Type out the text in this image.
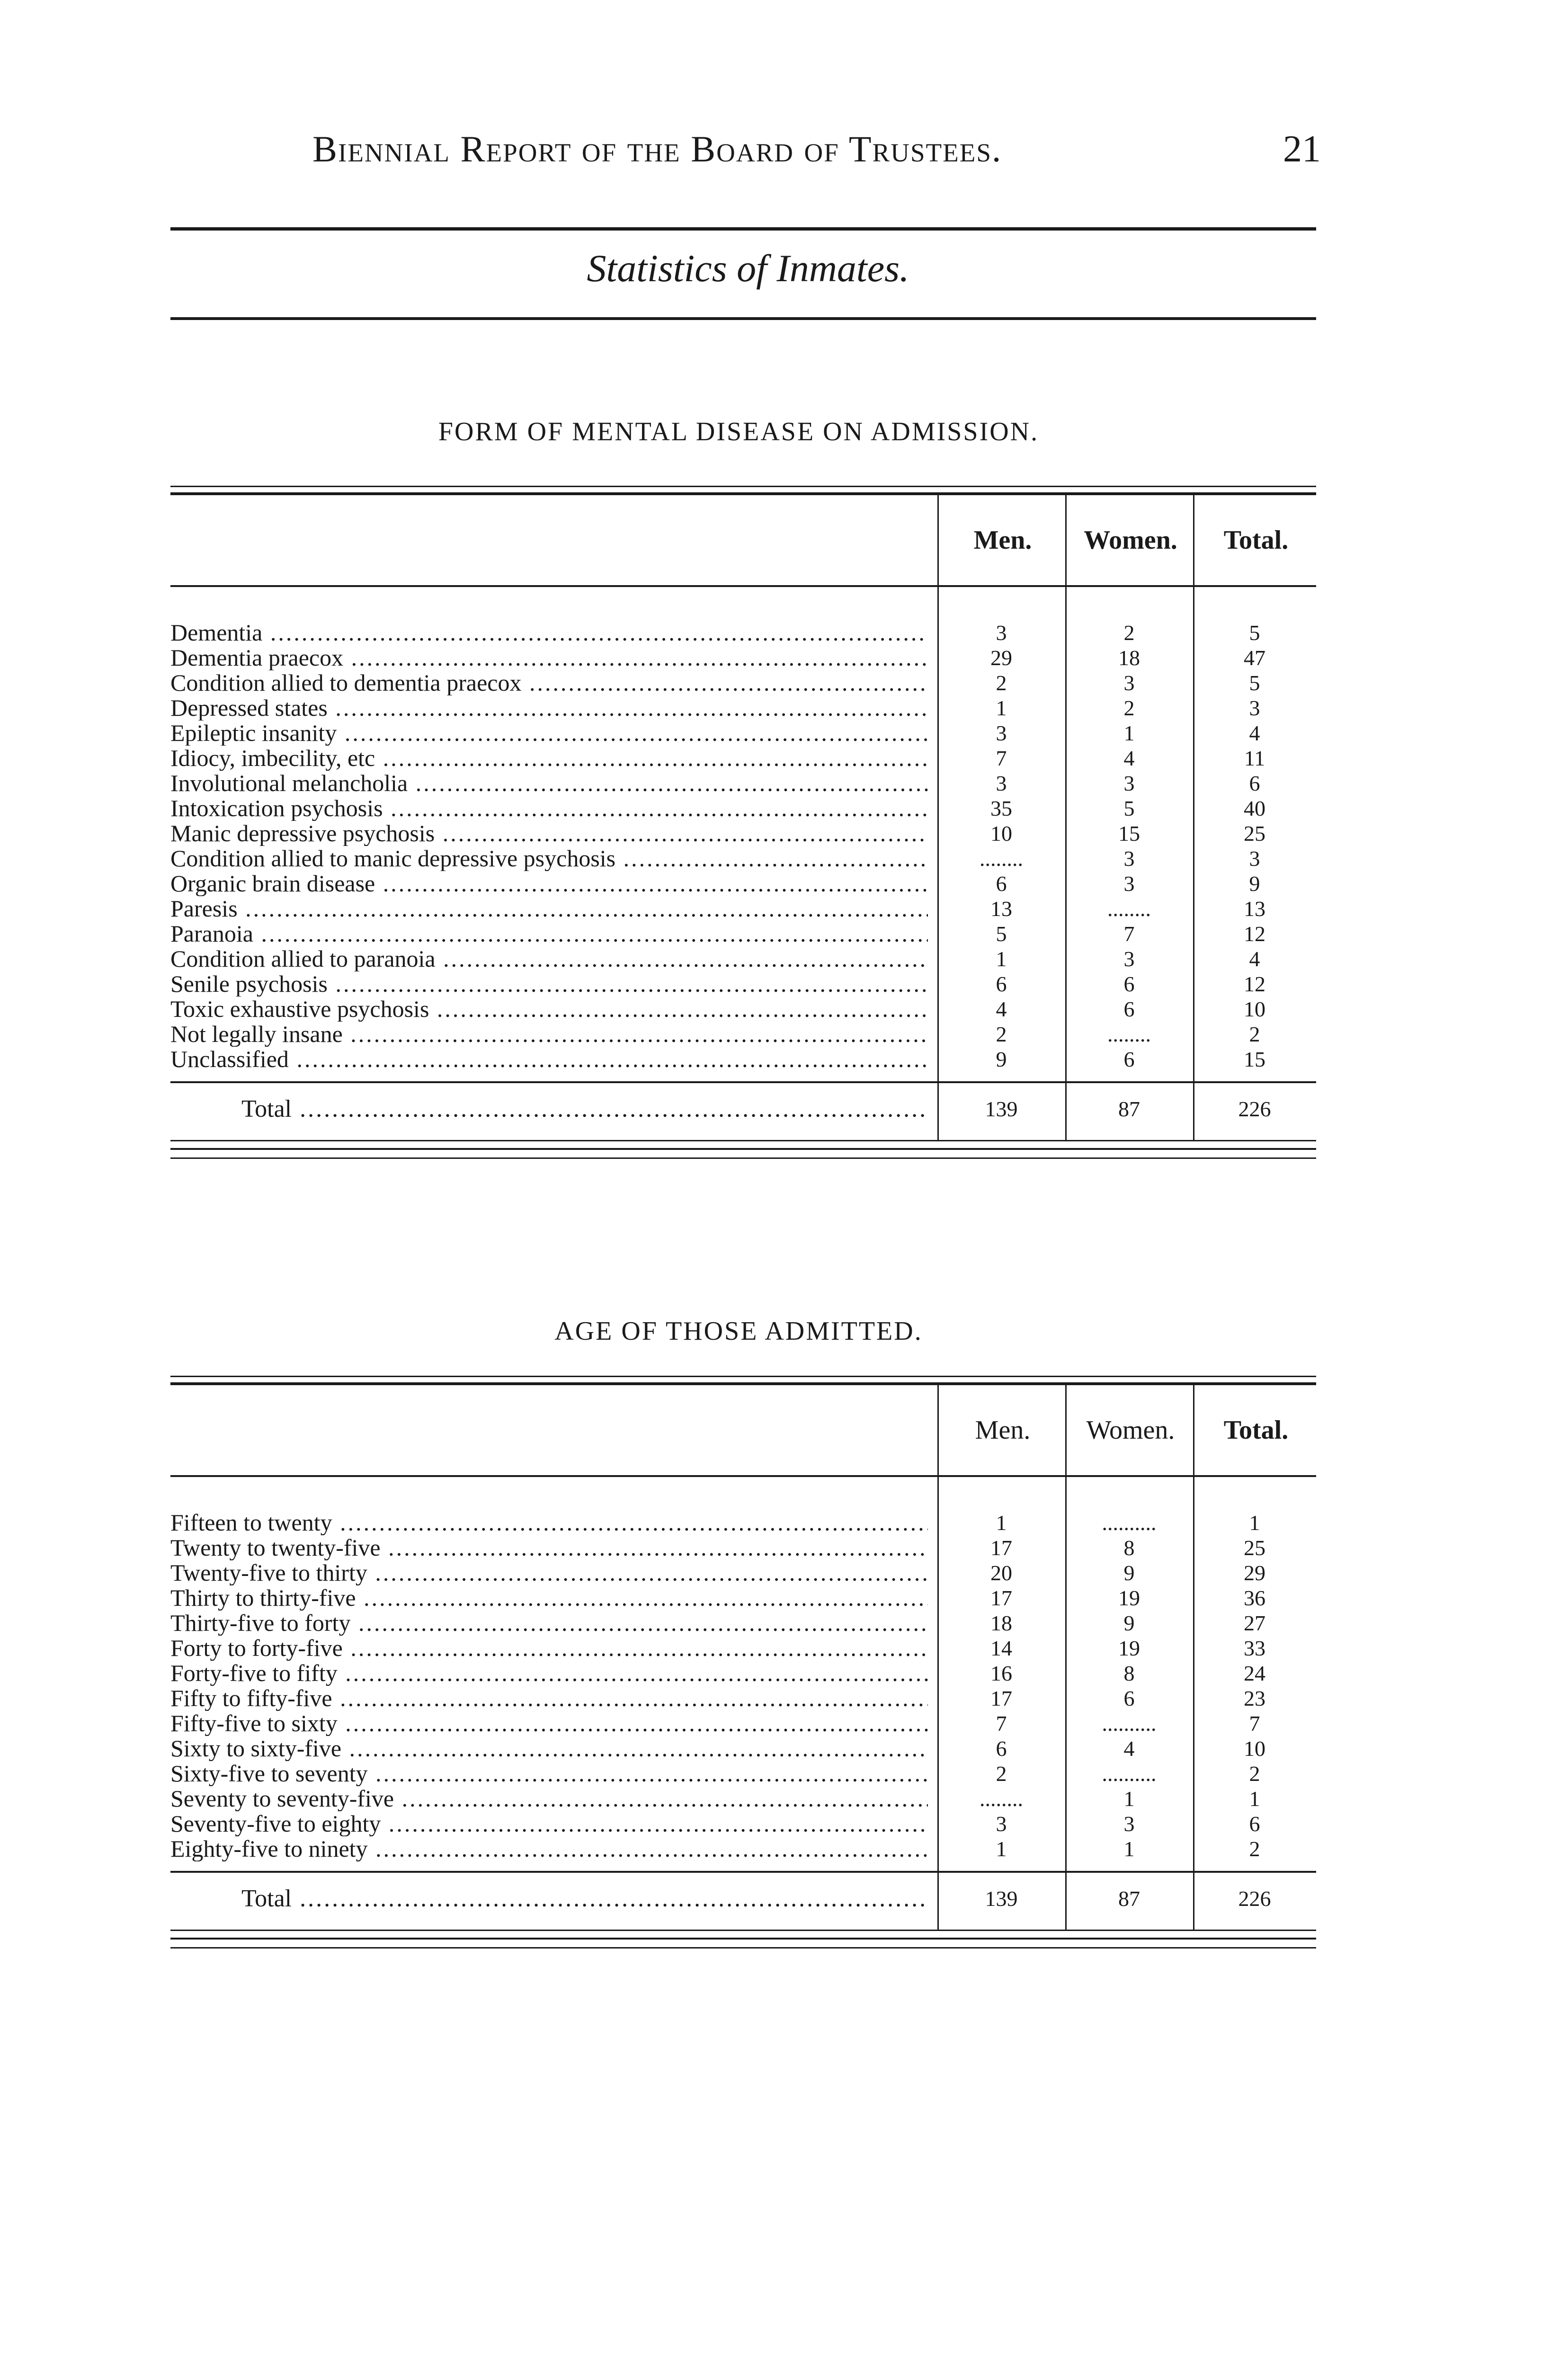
Biennial Report of the Board of Trustees.	21
Statistics of Inmates.
FORM OF MENTAL DISEASE ON ADMISSION.
Men.	Women.	Total.
Dementia .....	3	2	5
Dementia praecox .....	29	18	47
Condition allied to dementia praecox .....	2	3	5
Depressed states .....	1	2	3
Epileptic insanity .....	3	1	4
Idiocy, imbecility, etc .....	7	4	11
Involutional melancholia .....	3	3	6
Intoxication psychosis .....	35	5	40
Manic depressive psychosis .....	10	15	25
Condition allied to manic depressive psychosis .....	........	3	3
Organic brain disease .....	6	3	9
Paresis .....	13	........	13
Paranoia .....	5	7	12
Condition allied to paranoia .....	1	3	4
Senile psychosis .....	6	6	12
Toxic exhaustive psychosis .....	4	6	10
Not legally insane .....	2	........	2
Unclassified .....	9	6	15
Total .....	139	87	226
AGE OF THOSE ADMITTED.
Men.	Women.	Total.
Fifteen to twenty .....	1	..........	1
Twenty to twenty-five .....	17	8	25
Twenty-five to thirty .....	20	9	29
Thirty to thirty-five .....	17	19	36
Thirty-five to forty .....	18	9	27
Forty to forty-five .....	14	19	33
Forty-five to fifty .....	16	8	24
Fifty to fifty-five .....	17	6	23
Fifty-five to sixty .....	7	..........	7
Sixty to sixty-five .....	6	4	10
Sixty-five to seventy .....	2	..........	2
Seventy to seventy-five .....	........	1	1
Seventy-five to eighty .....	3	3	6
Eighty-five to ninety .....	1	1	2
Total .....	139	87	226
